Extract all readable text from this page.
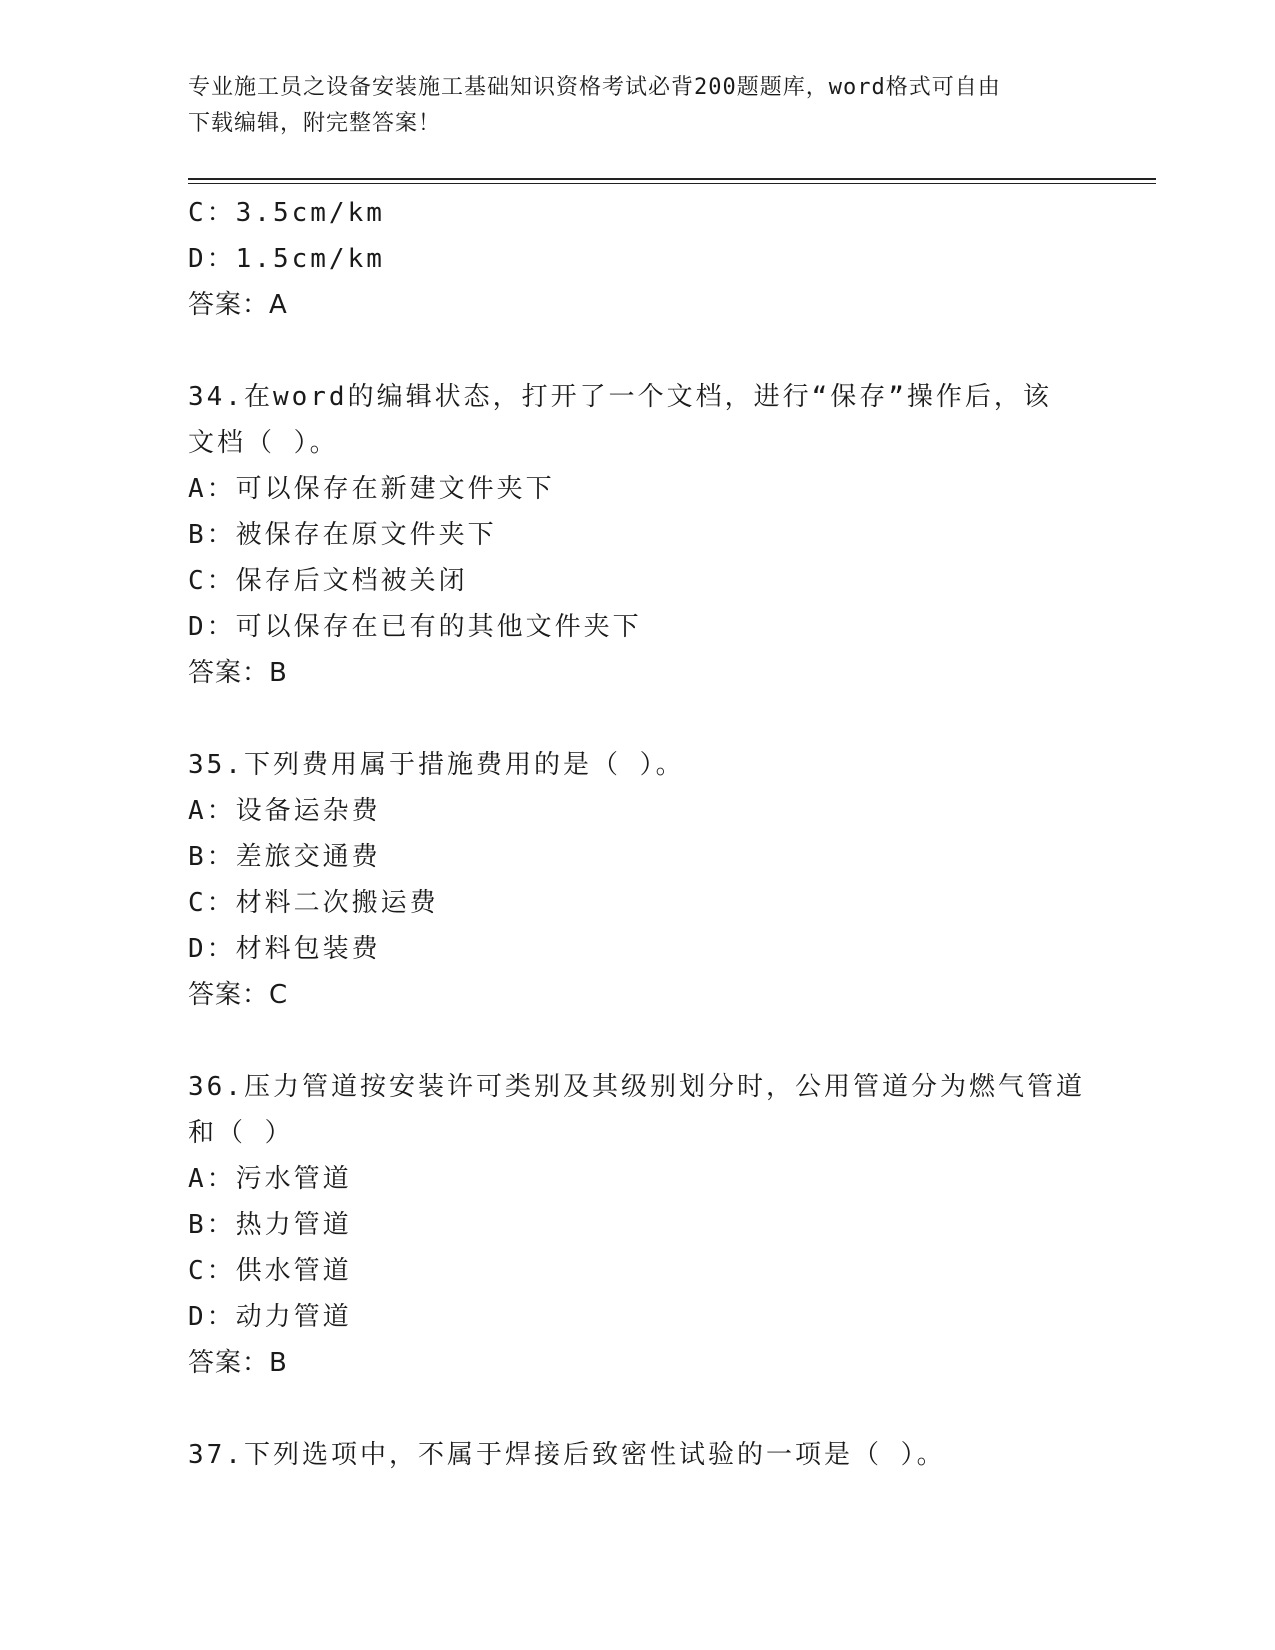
专业施工员之设备安装施工基础知识资格考试必背200题题库，word格式可自由
下载编辑，附完整答案！
C：3.5cm/km
D：1.5cm/km
答案：A
34.在word的编辑状态，打开了一个文档，进行“保存”操作后，该
文档（ ）。
A：可以保存在新建文件夹下
B：被保存在原文件夹下
C：保存后文档被关闭
D：可以保存在已有的其他文件夹下
答案：B
35.下列费用属于措施费用的是（ ）。
A：设备运杂费
B：差旅交通费
C：材料二次搬运费
D：材料包装费
答案：C
36.压力管道按安装许可类别及其级别划分时，公用管道分为燃气管道
和（ ）
A：污水管道
B：热力管道
C：供水管道
D：动力管道
答案：B
37.下列选项中，不属于焊接后致密性试验的一项是（ ）。
